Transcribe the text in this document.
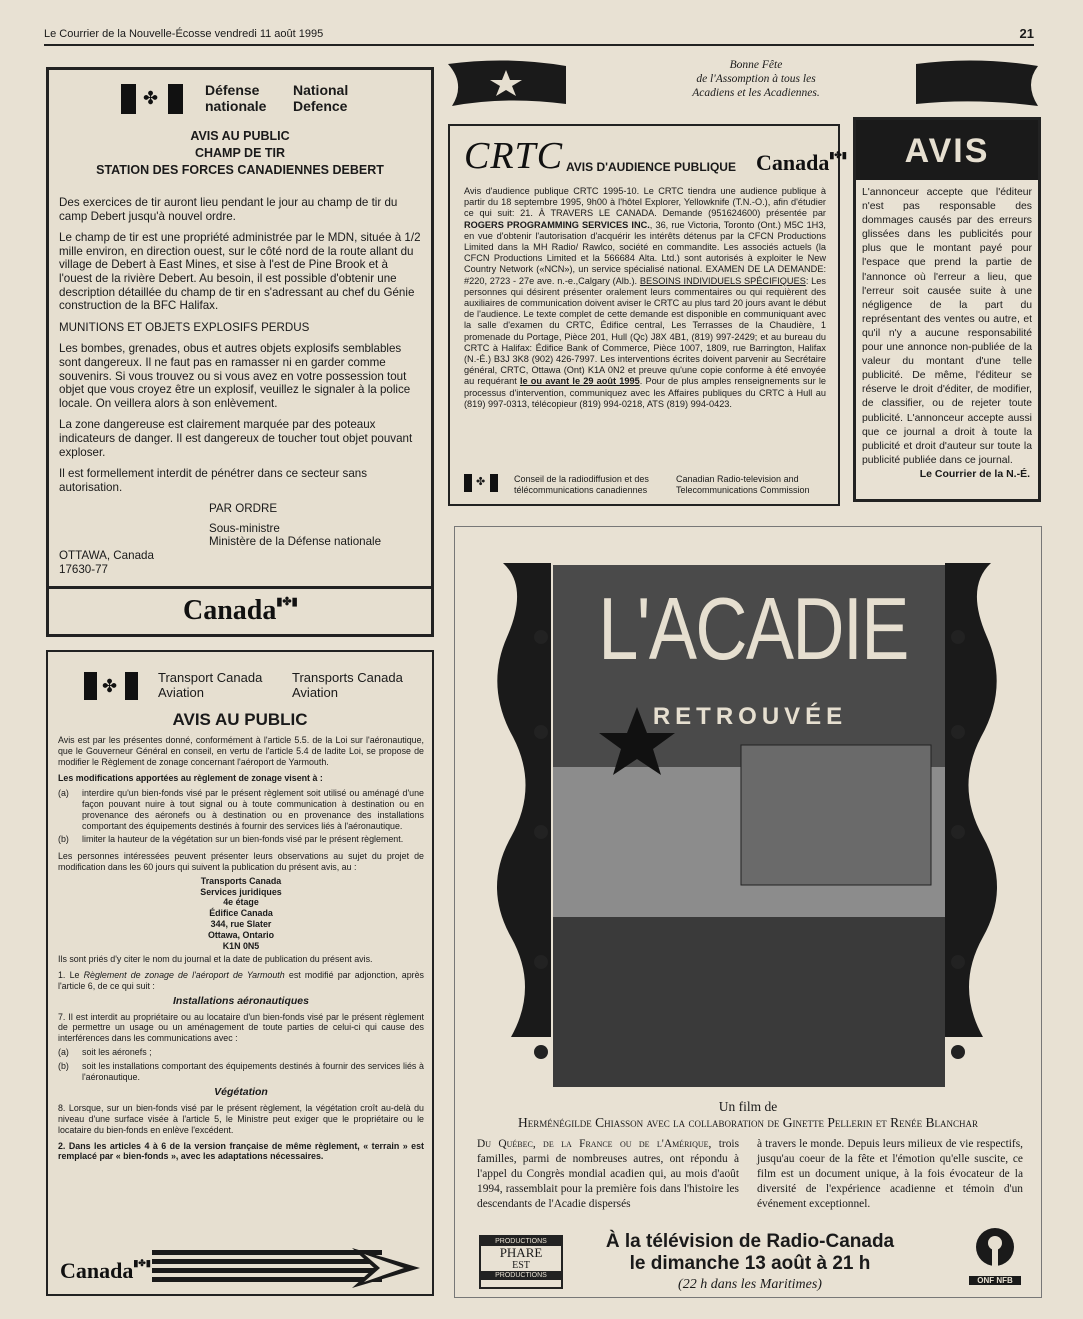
Le Courrier de la Nouvelle-Écosse vendredi 11 août 1995	21
Bonne Fête
de l'Assomption à tous les
Acadiens et les Acadiennes.
✤	Défense nationale
National Defence
AVIS AU PUBLIC
CHAMP DE TIR
STATION DES FORCES CANADIENNES DEBERT

Des exercices de tir auront lieu pendant le jour au champ de tir du camp Debert jusqu'à nouvel ordre.

Le champ de tir est une propriété administrée par le MDN, située à 1/2 mille environ, en direction ouest, sur le côté nord de la route allant du village de Debert à East Mines, et sise à l'est de Pine Brook et à l'ouest de la rivière Debert. Au besoin, il est possible d'obtenir une description détaillée du champ de tir en s'adressant au chef du Génie construction de la BFC Halifax.

MUNITIONS ET OBJETS EXPLOSIFS PERDUS

Les bombes, grenades, obus et autres objets explosifs semblables sont dangereux. Il ne faut pas en ramasser ni en garder comme souvenirs. Si vous trouvez ou si vous avez en votre possession tout objet que vous croyez être un explosif, veuillez le signaler à la police locale. On veillera alors à son enlèvement.

La zone dangereuse est clairement marquée par des poteaux indicateurs de danger. Il est dangereux de toucher tout objet pouvant exploser.

Il est formellement interdit de pénétrer dans ce secteur sans autorisation.

PAR ORDRE
Sous-ministre
Ministère de la Défense nationale
OTTAWA, Canada
17630-77
Canada▮✤▮
CRTC AVIS D'AUDIENCE PUBLIQUE Canada▮✤▮
Avis d'audience publique CRTC 1995-10. Le CRTC tiendra une audience publique à partir du 18 septembre 1995, 9h00 à l'hôtel Explorer, Yellowknife (T.N.-O.), afin d'étudier ce qui suit: 21. À TRAVERS LE CANADA. Demande (951624600) présentée par ROGERS PROGRAMMING SERVICES INC., 36, rue Victoria, Toronto (Ont.) M5C 1H3, en vue d'obtenir l'autorisation d'acquérir les intérêts détenus par la CFCN Productions Limited dans la MH Radio/ Rawlco, société en commandite. Les associés actuels (la CFCN Productions Limited et la 566684 Alta. Ltd.) sont autorisés à exploiter le New Country Network («NCN»), un service spécialisé national. EXAMEN DE LA DEMANDE: #220, 2723 - 27e ave. n.-e.,Calgary (Alb.). BESOINS INDIVIDUELS SPÉCIFIQUES: Les personnes qui désirent présenter oralement leurs commentaires ou qui requièrent des auxiliaires de communication doivent aviser le CRTC au plus tard 20 jours avant le début de l'audience. Le texte complet de cette demande est disponible en communiquant avec la salle d'examen du CRTC, Édifice central, Les Terrasses de la Chaudière, 1 promenade du Portage, Pièce 201, Hull (Qc) J8X 4B1, (819) 997-2429; et au bureau du CRTC à Halifax: Édifice Bank of Commerce, Pièce 1007, 1809, rue Barrington, Halifax (N.-É.) B3J 3K8 (902) 426-7997. Les interventions écrites doivent parvenir au Secrétaire général, CRTC, Ottawa (Ont) K1A 0N2 et preuve qu'une copie conforme à été envoyée au requérant le ou avant le 29 août 1995. Pour de plus amples renseignements sur le processus d'intervention, communiquez avec les Affaires publiques du CRTC à Hull au (819) 997-0313, télécopieur (819) 994-0218, ATS (819) 994-0423.
✤	Conseil de la radiodiffusion et des télécommunications canadiennes
Canadian Radio-television and Telecommunications Commission
AVIS
L'annonceur accepte que l'éditeur n'est pas responsable des dommages causés par des erreurs glissées dans les publicités pour plus que le montant payé pour l'espace que prend la partie de l'annonce où l'erreur a lieu, que l'erreur soit causée suite à une négligence de la part du représentant des ventes ou autre, et qu'il n'y a aucune responsabilité pour une annonce non-publiée de la valeur du montant d'une telle publicité. De même, l'éditeur se réserve le droit d'éditer, de modifier, de classifier, ou de rejeter toute publicité. L'annonceur accepte aussi que ce journal a droit à toute la publicité et droit d'auteur sur toute la publicité publiée dans ce journal.
Le Courrier de la N.-É.
✤	Transport Canada
Aviation
Transports Canada
Aviation
AVIS AU PUBLIC

Avis est par les présentes donné, conformément à l'article 5.5. de la Loi sur l'aéronautique, que le Gouverneur Général en conseil, en vertu de l'article 5.4 de ladite Loi, se propose de modifier le Règlement de zonage concernant l'aéroport de Yarmouth.

Les modifications apportées au règlement de zonage visent à :

(a)	interdire qu'un bien-fonds visé par le présent règlement soit utilisé ou aménagé d'une façon pouvant nuire à tout signal ou à toute communication à destination ou en provenance des aéronefs ou à destination ou en provenance des installations comportant des équipements destinés à fournir des services liés à l'aéronautique.
(b)	limiter la hauteur de la végétation sur un bien-fonds visé par le présent règlement.

Les personnes intéressées peuvent présenter leurs observations au sujet du projet de modification dans les 60 jours qui suivent la publication du présent avis, au :

Transports Canada
Services juridiques
4e étage
Édifice Canada
344, rue Slater
Ottawa, Ontario
K1N 0N5

Ils sont priés d'y citer le nom du journal et la date de publication du présent avis.

1. Le Règlement de zonage de l'aéroport de Yarmouth est modifié par adjonction, après l'article 6, de ce qui suit :

Installations aéronautiques

7. Il est interdit au propriétaire ou au locataire d'un bien-fonds visé par le présent règlement de permettre un usage ou un aménagement de toute parties de celui-ci qui cause des interférences dans les communications avec :

(a)	soit les aéronefs ;
(b)	soit les installations comportant des équipements destinés à fournir des services liés à l'aéronautique.

Végétation

8. Lorsque, sur un bien-fonds visé par le présent règlement, la végétation croît au-delà du niveau d'une surface visée à l'article 5, le Ministre peut exiger que le propriétaire ou le locataire du bien-fonds en enlève l'excédent.

2. Dans les articles 4 à 6 de la version française de même règlement, « terrain » est remplacé par « bien-fonds », avec les adaptations nécessaires.

Canada▮✤▮
L'ACADIE
RETROUVÉE
Un film de
Herménégilde Chiasson avec la collaboration de Ginette Pellerin et Renée Blanchar
Du Québec, de la France ou de l'Amérique, trois familles, parmi de nombreuses autres, ont répondu à l'appel du Congrès mondial acadien qui, au mois d'août 1994, rassemblait pour la première fois dans l'histoire les descendants de l'Acadie dispersés
à travers le monde. Depuis leurs milieux de vie respectifs, jusqu'au coeur de la fête et l'émotion qu'elle suscite, ce film est un document unique, à la fois évocateur de la diversité de l'expérience acadienne et témoin d'un événement exceptionnel.
PRODUCTIONS
PHARE
EST
PRODUCTIONS
À la télévision de Radio-Canada
le dimanche 13 août à 21 h
(22 h dans les Maritimes)	ONF NFB
